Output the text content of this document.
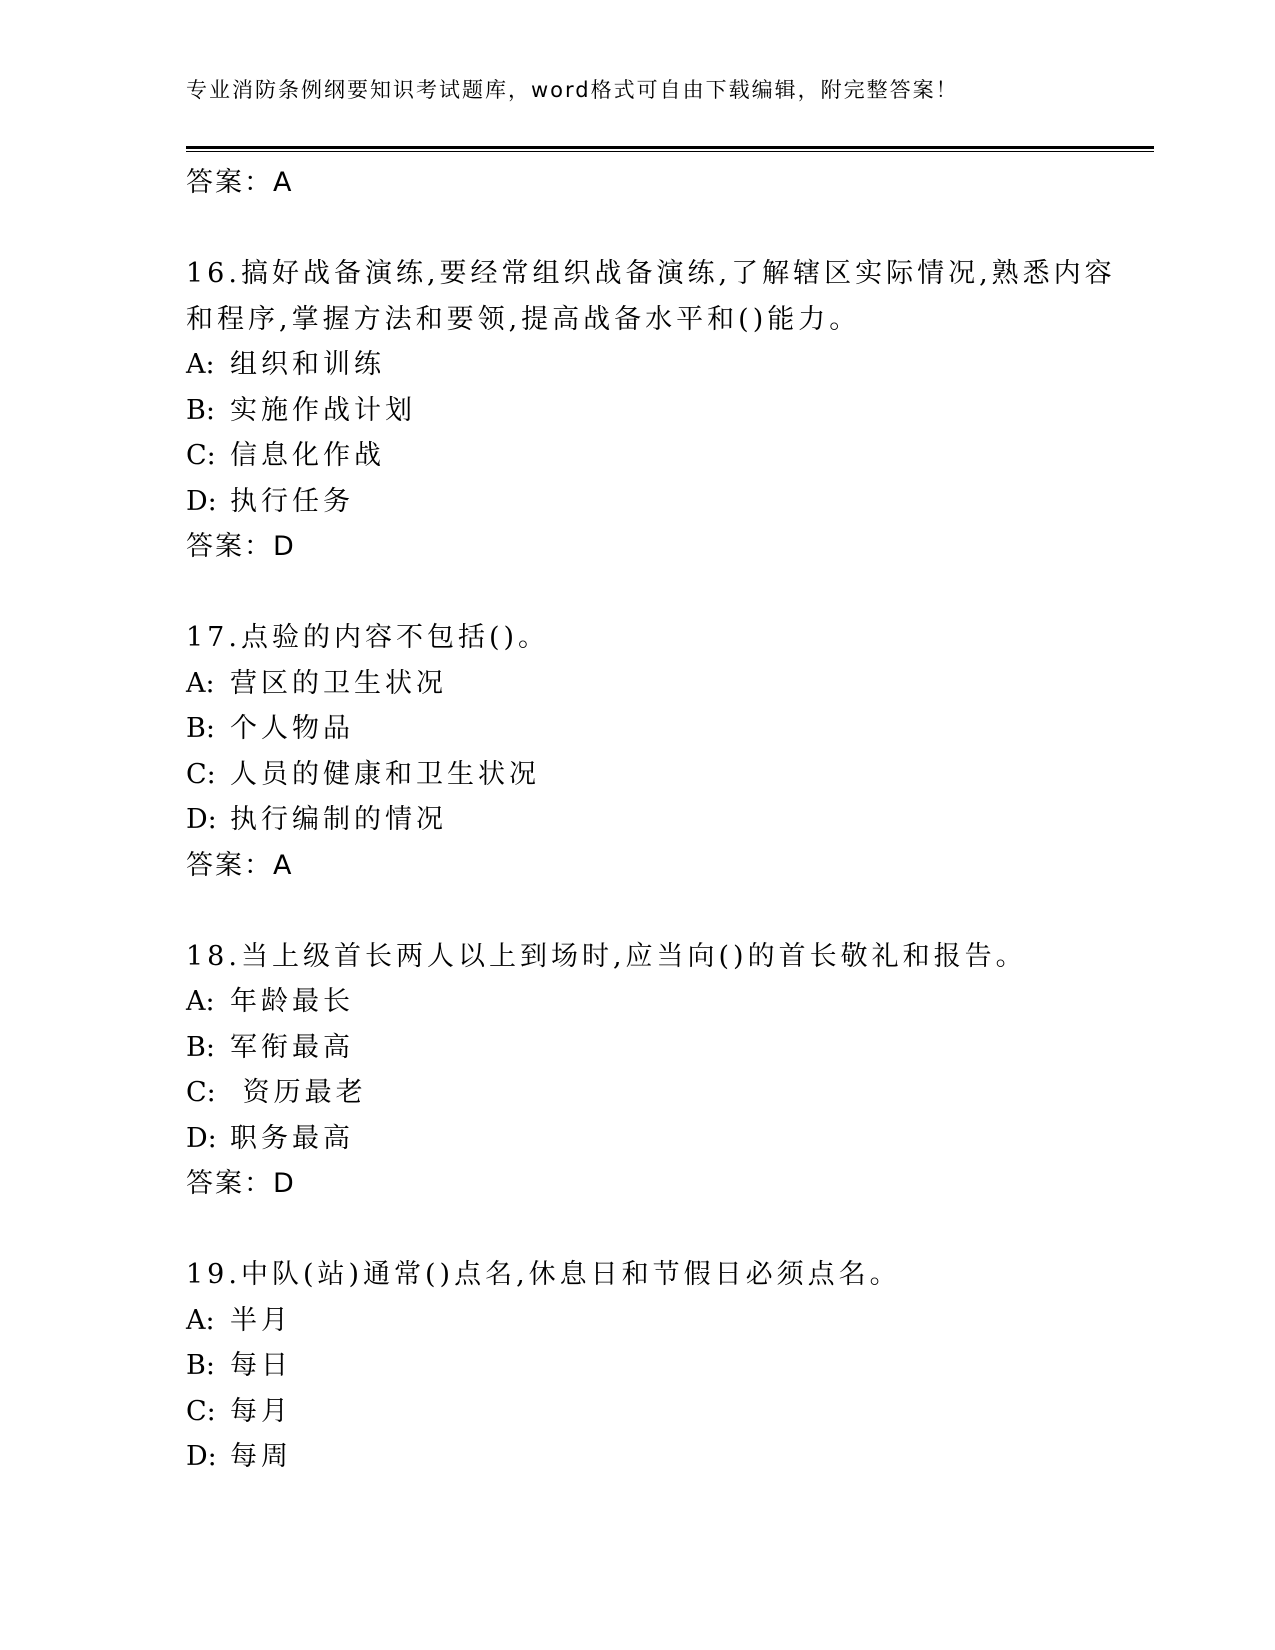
专业消防条例纲要知识考试题库，word格式可自由下载编辑，附完整答案！
答案：A
16.搞好战备演练,要经常组织战备演练,了解辖区实际情况,熟悉内容
和程序,掌握方法和要领,提高战备水平和()能力。
A: 组织和训练
B: 实施作战计划
C: 信息化作战
D: 执行任务
答案：D
17.点验的内容不包括()。
A: 营区的卫生状况
B: 个人物品
C: 人员的健康和卫生状况
D: 执行编制的情况
答案：A
18.当上级首长两人以上到场时,应当向()的首长敬礼和报告。
A: 年龄最长
B: 军衔最高
C: 资历最老
D: 职务最高
答案：D
19.中队(站)通常()点名,休息日和节假日必须点名。
A: 半月
B: 每日
C: 每月
D: 每周
